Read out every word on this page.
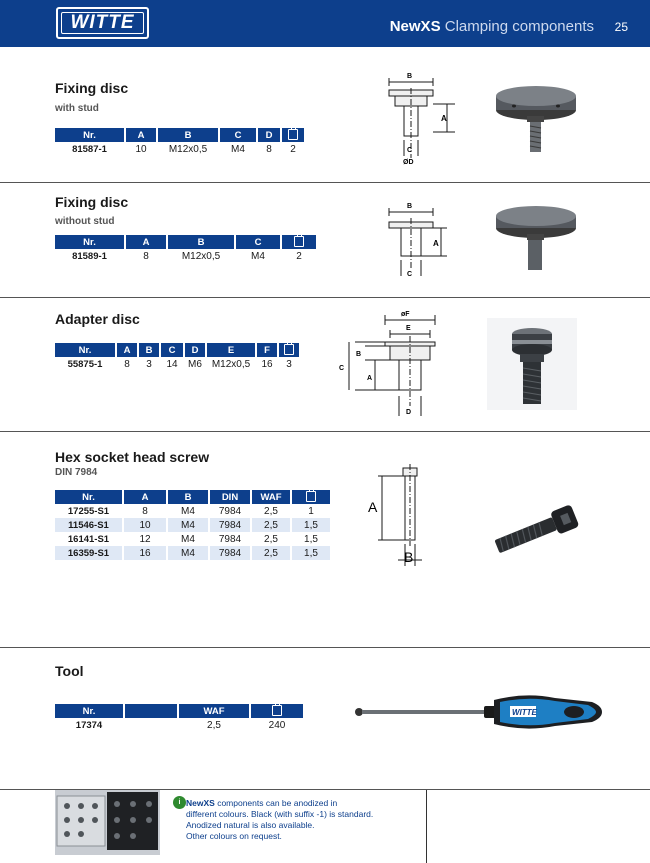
WITTE	NewXS Clamping components 25
Fixing disc
with stud
Nr.	A	B	C	D	
81587-1	10	M12x0,5	M4	8	2
B
A
C
ØD
Fixing disc
without stud
Nr.	A	B	C	
81589-1	8	M12x0,5	M4	2
B
A
C
Adapter disc
Nr.	A	B	C	D	E	F	
55875-1	8	3	14	M6	M12x0,5	16	3
øF
E
B
C
A
D
Hex socket head screw
DIN 7984
Nr.	A	B	DIN	WAF	
17255-S1	8	M4	7984	2,5	1
11546-S1	10	M4	7984	2,5	1,5
16141-S1	12	M4	7984	2,5	1,5
16359-S1	16	M4	7984	2,5	1,5
A
B
Tool
Nr.		WAF	
17374		2,5	240
WITTE
i NewXS components can be anodized in
different colours. Black (with suffix -1) is standard.
Anodized natural is also available.
Other colours on request.
